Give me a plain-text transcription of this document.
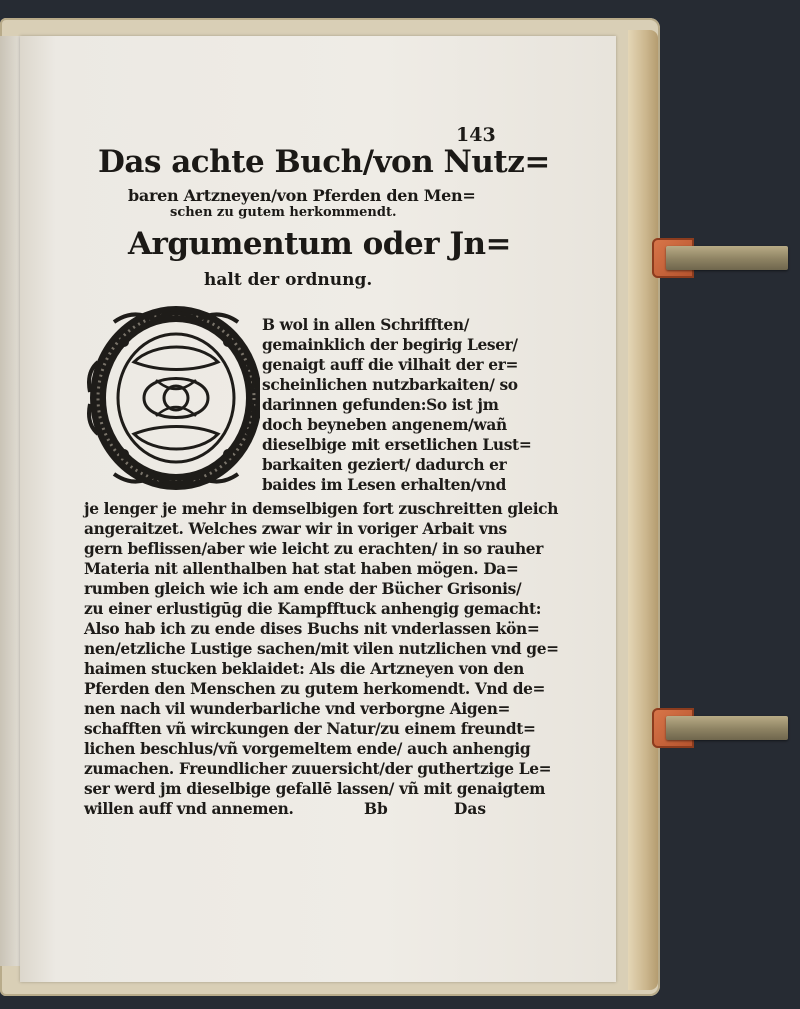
143
Das achte Buch/von Nutz=
baren Artzneyen/von Pferden den Men=
schen zu gutem herkommendt.
Argumentum oder Jn=
halt der ordnung.
B wol in allen Schrifften/
gemainklich der begirig Leser/
genaigt auff die vilhait der er=
scheinlichen nutzbarkaiten/ so
darinnen gefunden:So ist jm
doch beyneben angenem/wañ
dieselbige mit ersetlichen Lust=
barkaiten geziert/ dadurch er
baides im Lesen erhalten/vnd
je lenger je mehr in demselbigen fort zuschreitten gleich
angeraitzet. Welches zwar wir in voriger Arbait vns
gern beflissen/aber wie leicht zu erachten/ in so rauher
Materia nit allenthalben hat stat haben mögen. Da=
rumben gleich wie ich am ende der Bücher Grisonis/
zu einer erlustigūg die Kampfftuck anhengig gemacht:
Also hab ich zu ende dises Buchs nit vnderlassen kön=
nen/etzliche Lustige sachen/mit vilen nutzlichen vnd ge=
haimen stucken beklaidet: Als die Artzneyen von den
Pferden den Menschen zu gutem herkomendt. Vnd de=
nen nach vil wunderbarliche vnd verborgne Aigen=
schafften vñ wirckungen der Natur/zu einem freundt=
lichen beschlus/vñ vorgemeltem ende/ auch anhengig
zumachen. Freundlicher zuuersicht/der guthertzige Le=
ser werd jm dieselbige gefallē lassen/ vñ mit genaigtem
willen auff vnd annemen.	Bb	Das
